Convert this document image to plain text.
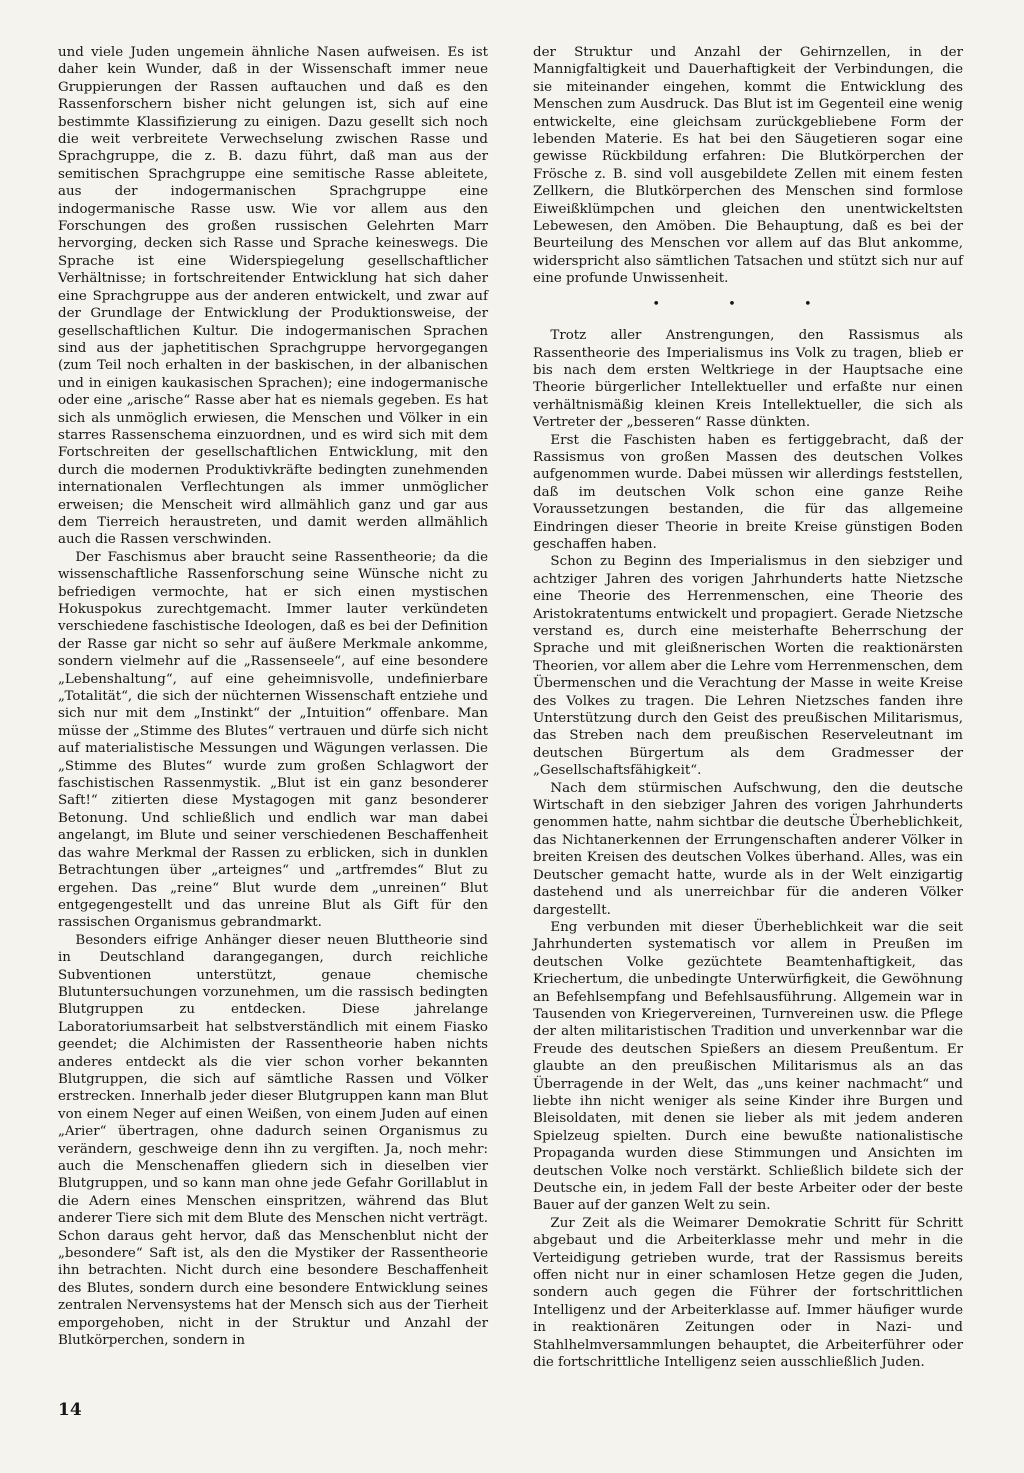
und viele Juden ungemein ähnliche Nasen aufweisen. Es ist daher kein Wunder, daß in der Wissenschaft immer neue Gruppierungen der Rassen auftauchen und daß es den Rassenforschern bisher nicht gelungen ist, sich auf eine bestimmte Klassifizierung zu einigen. Dazu gesellt sich noch die weit verbreitete Verwechselung zwischen Rasse und Sprachgruppe, die z. B. dazu führt, daß man aus der semitischen Sprachgruppe eine semitische Rasse ableitete, aus der indogermanischen Sprachgruppe eine indogermanische Rasse usw. Wie vor allem aus den Forschungen des großen russischen Gelehrten Marr hervorging, decken sich Rasse und Sprache keineswegs. Die Sprache ist eine Widerspiegelung gesellschaftlicher Verhältnisse; in fortschreitender Entwicklung hat sich daher eine Sprachgruppe aus der anderen entwickelt, und zwar auf der Grundlage der Entwicklung der Produktionsweise, der gesellschaftlichen Kultur. Die indogermanischen Sprachen sind aus der japhetitischen Sprachgruppe hervorgegangen (zum Teil noch erhalten in der baskischen, in der albanischen und in einigen kaukasischen Sprachen); eine indogermanische oder eine „arische“ Rasse aber hat es niemals gegeben. Es hat sich als unmöglich erwiesen, die Menschen und Völker in ein starres Rassenschema einzuordnen, und es wird sich mit dem Fortschreiten der gesellschaftlichen Entwicklung, mit den durch die modernen Produktivkräfte bedingten zunehmenden internationalen Verflechtungen als immer unmöglicher erweisen; die Menscheit wird allmählich ganz und gar aus dem Tierreich heraustreten, und damit werden allmählich auch die Rassen verschwinden.

Der Faschismus aber braucht seine Rassentheorie; da die wissenschaftliche Rassenforschung seine Wünsche nicht zu befriedigen vermochte, hat er sich einen mystischen Hokuspokus zurechtgemacht. Immer lauter verkündeten verschiedene faschistische Ideologen, daß es bei der Definition der Rasse gar nicht so sehr auf äußere Merkmale ankomme, sondern vielmehr auf die „Rassenseele“, auf eine besondere „Lebenshaltung“, auf eine geheimnisvolle, undefinierbare „Totalität“, die sich der nüchternen Wissenschaft entziehe und sich nur mit dem „Instinkt“ der „Intuition“ offenbare. Man müsse der „Stimme des Blutes“ vertrauen und dürfe sich nicht auf materialistische Messungen und Wägungen verlassen. Die „Stimme des Blutes“ wurde zum großen Schlagwort der faschistischen Rassenmystik. „Blut ist ein ganz besonderer Saft!“ zitierten diese Mystagogen mit ganz besonderer Betonung. Und schließlich und endlich war man dabei angelangt, im Blute und seiner verschiedenen Beschaffenheit das wahre Merkmal der Rassen zu erblicken, sich in dunklen Betrachtungen über „arteignes“ und „artfremdes“ Blut zu ergehen. Das „reine“ Blut wurde dem „unreinen“ Blut entgegengestellt und das unreine Blut als Gift für den rassischen Organismus gebrandmarkt.

Besonders eifrige Anhänger dieser neuen Bluttheorie sind in Deutschland darangegangen, durch reichliche Subventionen unterstützt, genaue chemische Blutuntersuchungen vorzunehmen, um die rassisch bedingten Blutgruppen zu entdecken. Diese jahrelange Laboratoriumsarbeit hat selbstverständlich mit einem Fiasko geendet; die Alchimisten der Rassentheorie haben nichts anderes entdeckt als die vier schon vorher bekannten Blutgruppen, die sich auf sämtliche Rassen und Völker erstrecken. Innerhalb jeder dieser Blutgruppen kann man Blut von einem Neger auf einen Weißen, von einem Juden auf einen „Arier“ übertragen, ohne dadurch seinen Organismus zu verändern, geschweige denn ihn zu vergiften. Ja, noch mehr: auch die Menschenaffen gliedern sich in dieselben vier Blutgruppen, und so kann man ohne jede Gefahr Gorillablut in die Adern eines Menschen einspritzen, während das Blut anderer Tiere sich mit dem Blute des Menschen nicht verträgt. Schon daraus geht hervor, daß das Menschenblut nicht der „besondere“ Saft ist, als den die Mystiker der Rassentheorie ihn betrachten. Nicht durch eine besondere Beschaffenheit des Blutes, sondern durch eine besondere Entwicklung seines zentralen Nervensystems hat der Mensch sich aus der Tierheit emporgehoben, nicht in der Struktur und Anzahl der Blutkörperchen, sondern in

der Struktur und Anzahl der Gehirnzellen, in der Mannigfaltigkeit und Dauerhaftigkeit der Verbindungen, die sie miteinander eingehen, kommt die Entwicklung des Menschen zum Ausdruck. Das Blut ist im Gegenteil eine wenig entwickelte, eine gleichsam zurückgebliebene Form der lebenden Materie. Es hat bei den Säugetieren sogar eine gewisse Rückbildung erfahren: Die Blutkörperchen der Frösche z. B. sind voll ausgebildete Zellen mit einem festen Zellkern, die Blutkörperchen des Menschen sind formlose Eiweißklümpchen und gleichen den unentwickeltsten Lebewesen, den Amöben. Die Behauptung, daß es bei der Beurteilung des Menschen vor allem auf das Blut ankomme, widerspricht also sämtlichen Tatsachen und stützt sich nur auf eine profunde Unwissenheit.

• • •

Trotz aller Anstrengungen, den Rassismus als Rassentheorie des Imperialismus ins Volk zu tragen, blieb er bis nach dem ersten Weltkriege in der Hauptsache eine Theorie bürgerlicher Intellektueller und erfaßte nur einen verhältnismäßig kleinen Kreis Intellektueller, die sich als Vertreter der „besseren“ Rasse dünkten.

Erst die Faschisten haben es fertiggebracht, daß der Rassismus von großen Massen des deutschen Volkes aufgenommen wurde. Dabei müssen wir allerdings feststellen, daß im deutschen Volk schon eine ganze Reihe Voraussetzungen bestanden, die für das allgemeine Eindringen dieser Theorie in breite Kreise günstigen Boden geschaffen haben.

Schon zu Beginn des Imperialismus in den siebziger und achtziger Jahren des vorigen Jahrhunderts hatte Nietzsche eine Theorie des Herrenmenschen, eine Theorie des Aristokratentums entwickelt und propagiert. Gerade Nietzsche verstand es, durch eine meisterhafte Beherrschung der Sprache und mit gleißnerischen Worten die reaktionärsten Theorien, vor allem aber die Lehre vom Herrenmenschen, dem Übermenschen und die Verachtung der Masse in weite Kreise des Volkes zu tragen. Die Lehren Nietzsches fanden ihre Unterstützung durch den Geist des preußischen Militarismus, das Streben nach dem preußischen Reserveleutnant im deutschen Bürgertum als dem Gradmesser der „Gesellschaftsfähigkeit“.

Nach dem stürmischen Aufschwung, den die deutsche Wirtschaft in den siebziger Jahren des vorigen Jahrhunderts genommen hatte, nahm sichtbar die deutsche Überheblichkeit, das Nichtanerkennen der Errungenschaften anderer Völker in breiten Kreisen des deutschen Volkes überhand. Alles, was ein Deutscher gemacht hatte, wurde als in der Welt einzigartig dastehend und als unerreichbar für die anderen Völker dargestellt.

Eng verbunden mit dieser Überheblichkeit war die seit Jahrhunderten systematisch vor allem in Preußen im deutschen Volke gezüchtete Beamtenhaftigkeit, das Kriechertum, die unbedingte Unterwürfigkeit, die Gewöhnung an Befehlsempfang und Befehlsausführung. Allgemein war in Tausenden von Kriegervereinen, Turnvereinen usw. die Pflege der alten militaristischen Tradition und unverkennbar war die Freude des deutschen Spießers an diesem Preußentum. Er glaubte an den preußischen Militarismus als an das Überragende in der Welt, das „uns keiner nachmacht“ und liebte ihn nicht weniger als seine Kinder ihre Burgen und Bleisoldaten, mit denen sie lieber als mit jedem anderen Spielzeug spielten. Durch eine bewußte nationalistische Propaganda wurden diese Stimmungen und Ansichten im deutschen Volke noch verstärkt. Schließlich bildete sich der Deutsche ein, in jedem Fall der beste Arbeiter oder der beste Bauer auf der ganzen Welt zu sein.

Zur Zeit als die Weimarer Demokratie Schritt für Schritt abgebaut und die Arbeiterklasse mehr und mehr in die Verteidigung getrieben wurde, trat der Rassismus bereits offen nicht nur in einer schamlosen Hetze gegen die Juden, sondern auch gegen die Führer der fortschrittlichen Intelligenz und der Arbeiterklasse auf. Immer häufiger wurde in reaktionären Zeitungen oder in Nazi- und Stahlhelmversammlungen behauptet, die Arbeiterführer oder die fortschrittliche Intelligenz seien ausschließlich Juden.

14
